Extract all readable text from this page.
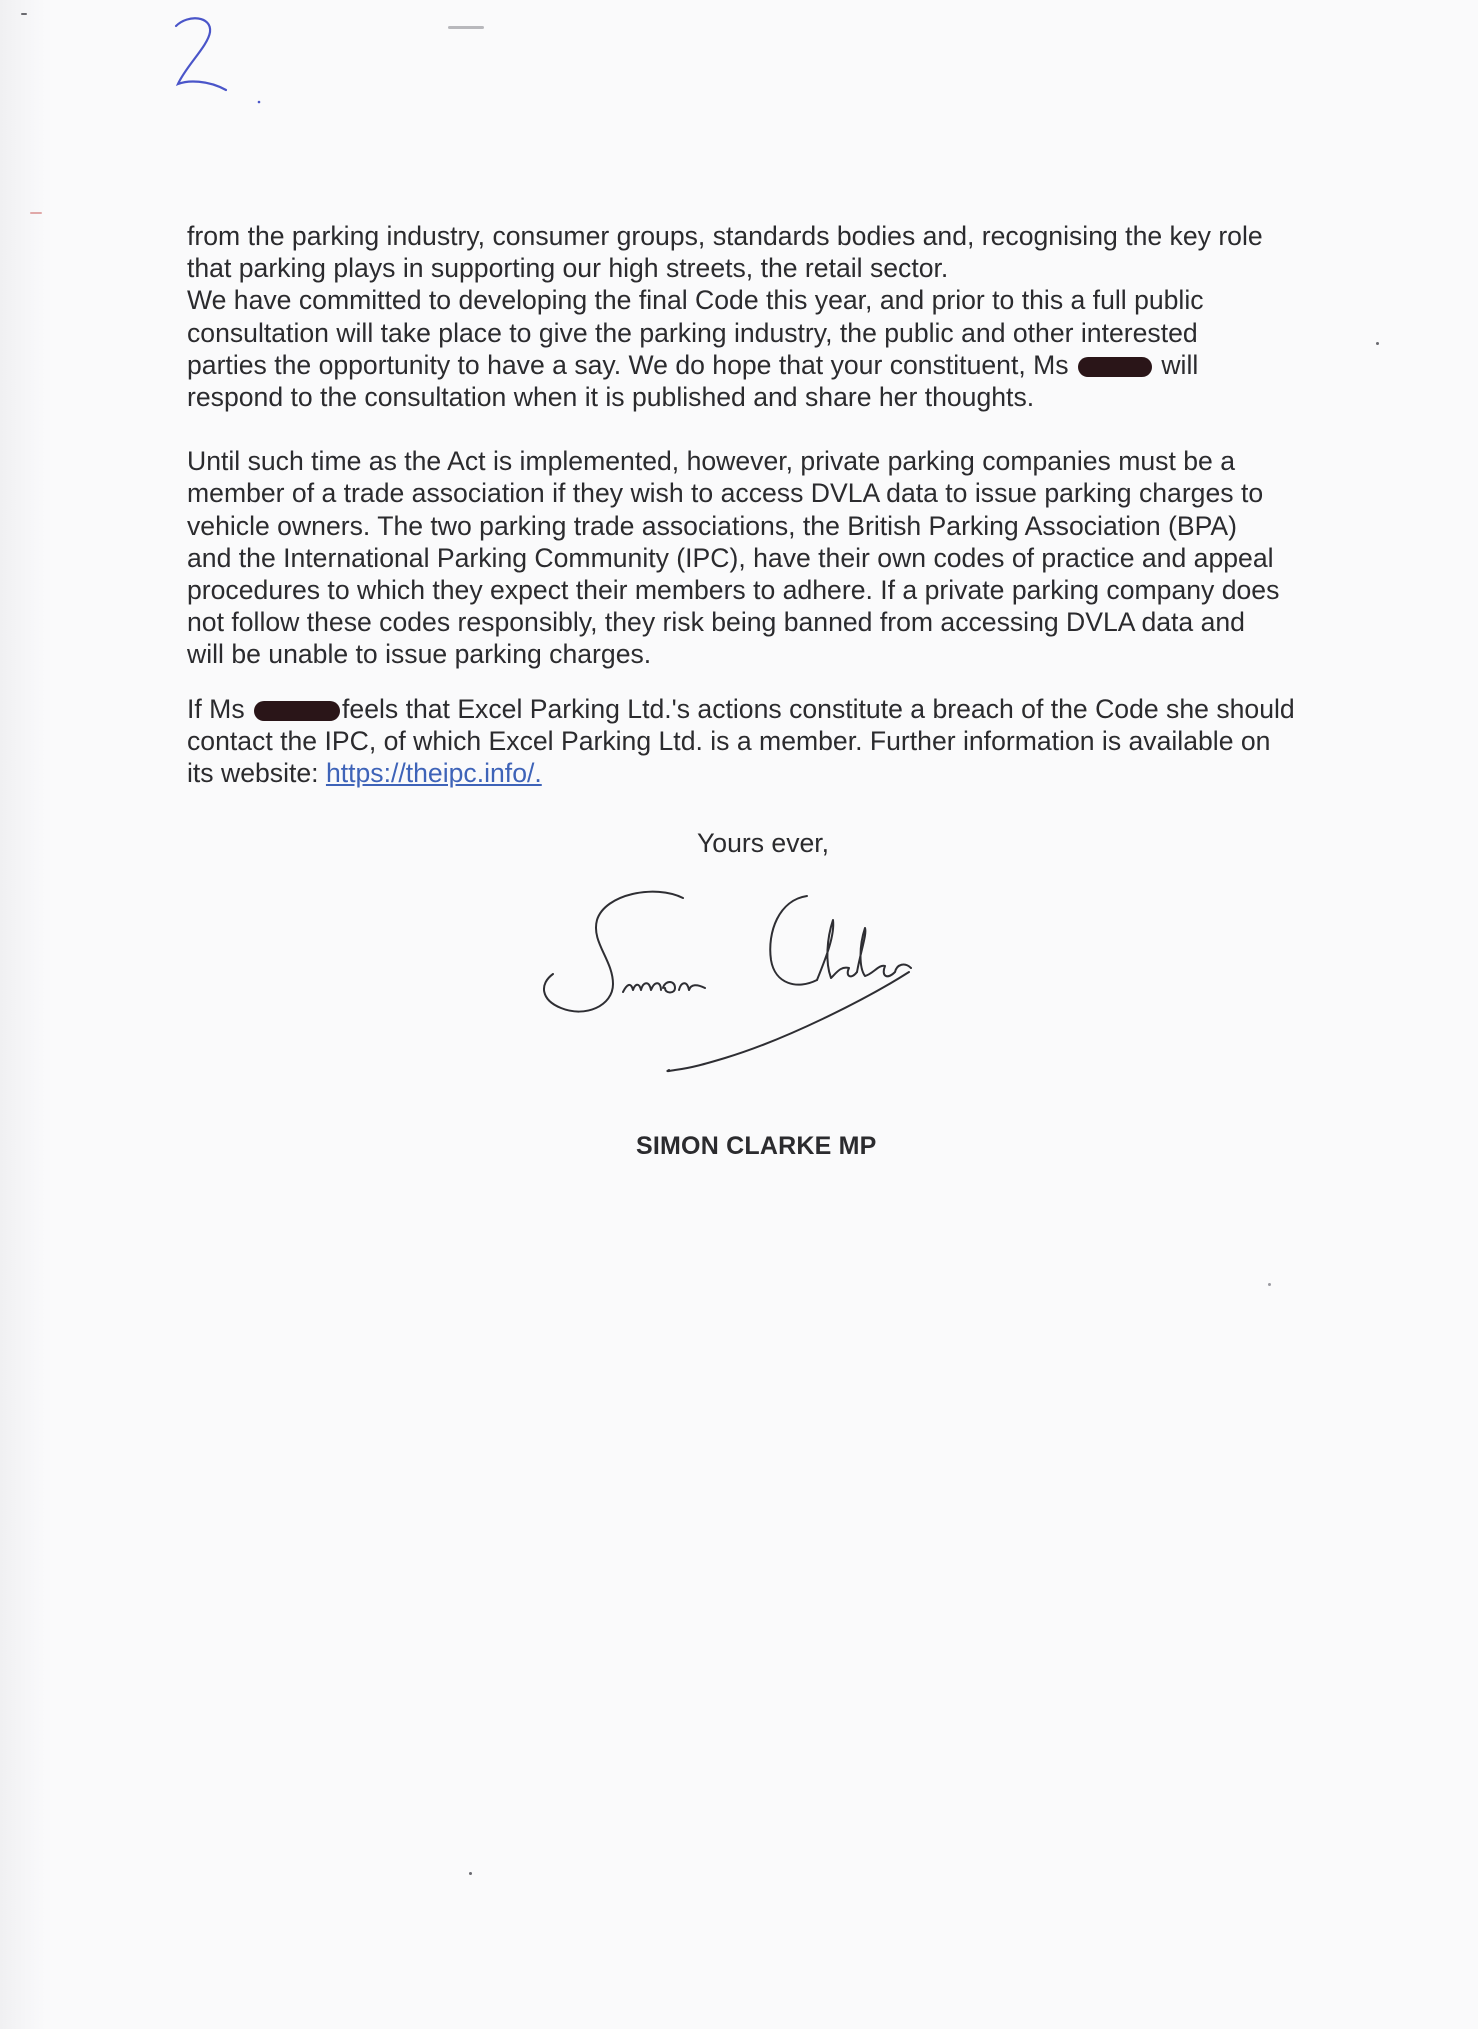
from the parking industry, consumer groups, standards bodies and, recognising the key role
that parking plays in supporting our high streets, the retail sector.

We have committed to developing the final Code this year, and prior to this a full public
consultation will take place to give the parking industry, the public and other interested
parties the opportunity to have a say. We do hope that your constituent, Ms	will
respond to the consultation when it is published and share her thoughts.

Until such time as the Act is implemented, however, private parking companies must be a
member of a trade association if they wish to access DVLA data to issue parking charges to
vehicle owners. The two parking trade associations, the British Parking Association (BPA)
and the International Parking Community (IPC), have their own codes of practice and appeal
procedures to which they expect their members to adhere. If a private parking company does
not follow these codes responsibly, they risk being banned from accessing DVLA data and
will be unable to issue parking charges.

If Ms	feels that Excel Parking Ltd.'s actions constitute a breach of the Code she should
contact the IPC, of which Excel Parking Ltd. is a member. Further information is available on
its website: https://theipc.info/.

Yours ever,
SIMON CLARKE MP
